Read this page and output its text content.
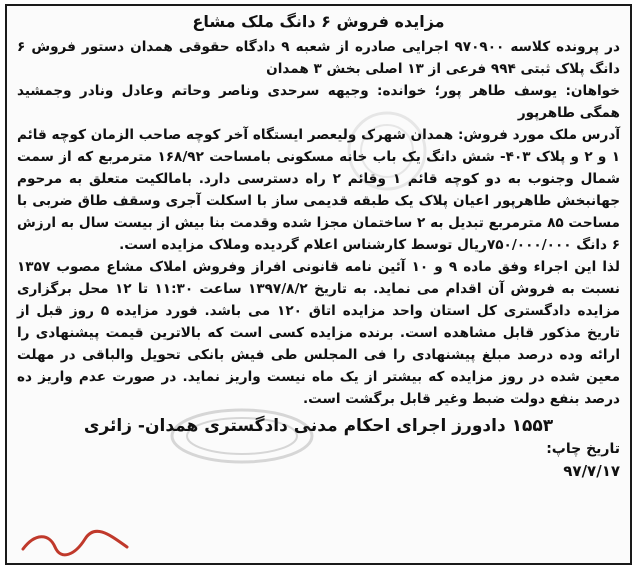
مزایده فروش ۶ دانگ ملک مشاع

در پرونده کلاسه ۹۷۰۹۰۰ اجرایی صادره از شعبه ۹ دادگاه حقوقی همدان دستور فروش ۶ دانگ پلاک ثبتی ۹۹۴ فرعی از ۱۳ اصلی بخش ۳ همدان

خواهان: یوسف طاهر پور؛ خوانده: وجیهه سرحدی وناصر وحاتم وعادل ونادر وجمشید همگی طاهرپور

آدرس ملک مورد فروش: همدان شهرک ولیعصر ایستگاه آخر کوچه صاحب الزمان کوچه قائم ۱ و ۲ و پلاک ۴۰۳- شش دانگ یک باب خانه مسکونی بامساحت ۱۶۸/۹۲ مترمربع که از سمت شمال وجنوب به دو کوچه قائم ۱ وقائم ۲ راه دسترسی دارد. بامالکیت متعلق به مرحوم جهانبخش طاهرپور اعیان پلاک یک طبقه قدیمی ساز با اسکلت آجری وسقف طاق ضربی با مساحت ۸۵ مترمربع تبدیل به ۲ ساختمان مجزا شده وقدمت بنا بیش از بیست سال به ارزش ۶ دانگ ۷۵۰/۰۰۰/۰۰۰ریال توسط کارشناس اعلام گردیده وملاک مزایده است.

لذا این اجراء وفق ماده ۹ و ۱۰ آئین نامه قانونی افراز وفروش املاک مشاع مصوب ۱۳۵۷ نسبت به فروش آن اقدام می نماید. به تاریخ ۱۳۹۷/۸/۲ ساعت ۱۱:۳۰ تا ۱۲ محل برگزاری مزایده دادگستری کل استان واحد مزایده اتاق ۱۲۰ می باشد. فورد مزایده ۵ روز قبل از تاریخ مذکور قابل مشاهده است. برنده مزایده کسی است که بالاترین قیمت پیشنهادی را ارائه وده درصد مبلغ پیشنهادی را فی المجلس طی فیش بانکی تحویل والباقی در مهلت معین شده در روز مزایده که بیشتر از یک ماه نیست واریز نماید. در صورت عدم واریز ده درصد بنفع دولت ضبط وغیر قابل برگشت است.

۱۵۵۳ دادورز اجرای احکام مدنی دادگستری همدان- زائری
تاریخ چاپ:
۹۷/۷/۱۷
